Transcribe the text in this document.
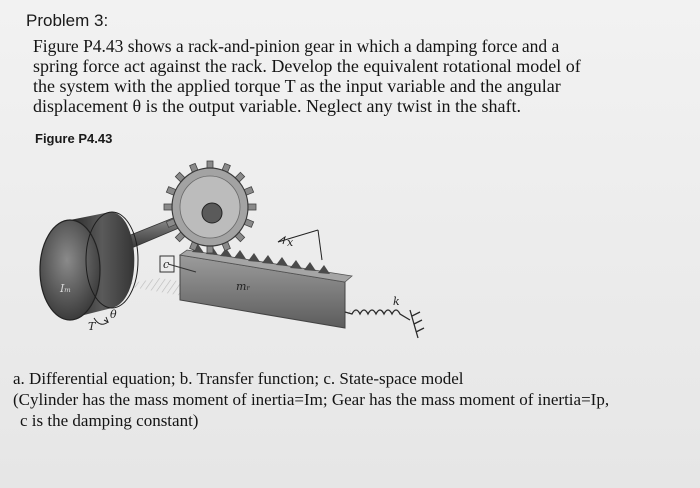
Problem 3:
Figure P4.43 shows a rack-and-pinion gear in which a damping force and a
spring force act against the rack. Develop the equivalent rotational model of
the system with the applied torque T as the input variable and the angular
displacement θ is the output variable. Neglect any twist in the shaft.
Figure P4.43
x
k
c
mᵣ
Iₘ
T
θ
a. Differential equation; b. Transfer function; c. State-space model
(Cylinder has the mass moment of inertia=Im; Gear has the mass moment of inertia=Ip,
c is the damping constant)
